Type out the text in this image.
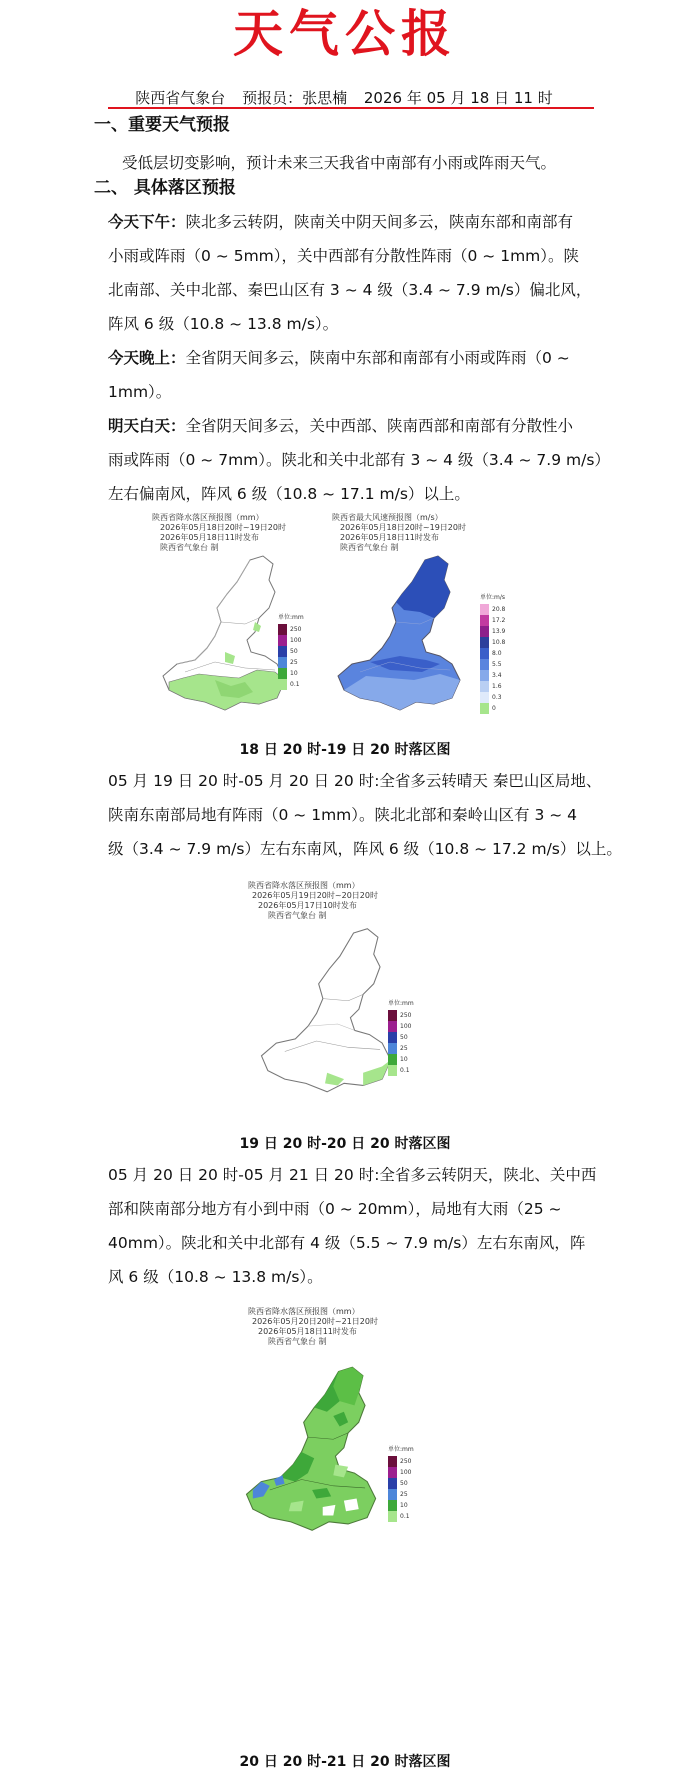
天气公报
陕西省气象台 预报员：张思楠 2026 年 05 月 18 日 11 时
一、重要天气预报
受低层切变影响，预计未来三天我省中南部有小雨或阵雨天气。
二、 具体落区预报
今天下午：陕北多云转阴，陕南关中阴天间多云，陕南东部和南部有
小雨或阵雨（0 ~ 5mm），关中西部有分散性阵雨（0 ~ 1mm）。陕
北南部、关中北部、秦巴山区有 3 ~ 4 级（3.4 ~ 7.9 m/s）偏北风，
阵风 6 级（10.8 ~ 13.8 m/s）。
今天晚上：全省阴天间多云，陕南中东部和南部有小雨或阵雨（0 ~
1mm）。
明天白天：全省阴天间多云，关中西部、陕南西部和南部有分散性小
雨或阵雨（0 ~ 7mm）。陕北和关中北部有 3 ~ 4 级（3.4 ~ 7.9 m/s）
左右偏南风，阵风 6 级（10.8 ~ 17.1 m/s）以上。
陕西省降水落区预报图（mm）
2026年05月18日20时~19日20时
2026年05月18日11时发布
陕西省气象台 制
单位:mm
250
100
50
25
10
0.1
陕西省最大风速预报图（m/s）
2026年05月18日20时~19日20时
2026年05月18日11时发布
陕西省气象台 制
单位:m/s
20.8
17.2
13.9
10.8
8.0
5.5
3.4
1.6
0.3
0
18 日 20 时-19 日 20 时落区图
05 月 19 日 20 时-05 月 20 日 20 时:全省多云转晴天 秦巴山区局地、
陕南东南部局地有阵雨（0 ~ 1mm）。陕北北部和秦岭山区有 3 ~ 4
级（3.4 ~ 7.9 m/s）左右东南风，阵风 6 级（10.8 ~ 17.2 m/s）以上。
陕西省降水落区预报图（mm）
2026年05月19日20时~20日20时
2026年05月17日10时发布
陕西省气象台 制
单位:mm
250
100
50
25
10
0.1
19 日 20 时-20 日 20 时落区图
05 月 20 日 20 时-05 月 21 日 20 时:全省多云转阴天，陕北、关中西
部和陕南部分地方有小到中雨（0 ~ 20mm），局地有大雨（25 ~
40mm）。陕北和关中北部有 4 级（5.5 ~ 7.9 m/s）左右东南风，阵
风 6 级（10.8 ~ 13.8 m/s）。
陕西省降水落区预报图（mm）
2026年05月20日20时~21日20时
2026年05月18日11时发布
陕西省气象台 制
单位:mm
250
100
50
25
10
0.1
20 日 20 时-21 日 20 时落区图
